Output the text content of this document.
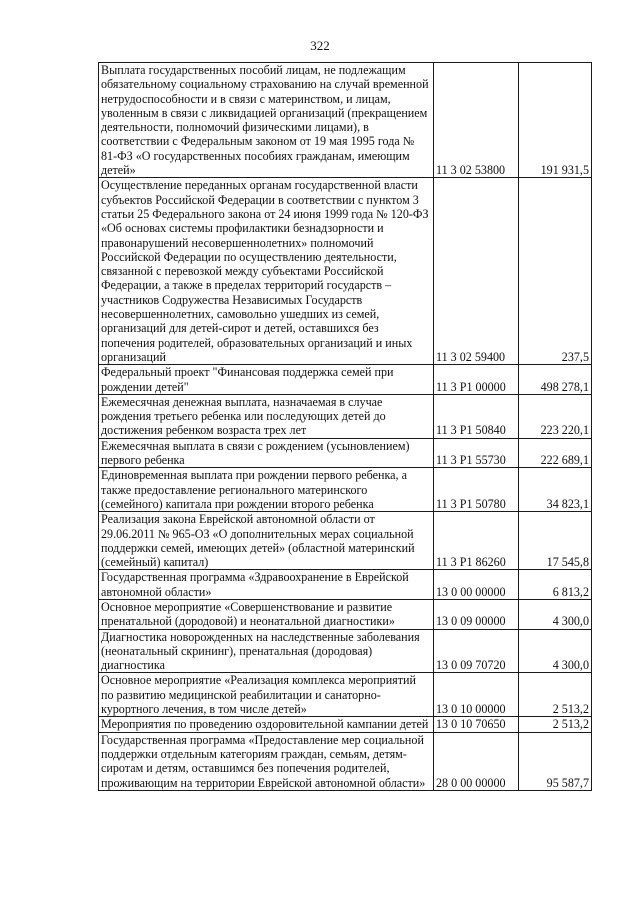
322
Выплата государственных пособий лицам, не подлежащим обязательному социальному страхованию на случай временной нетрудоспособности и в связи с материнством, и лицам, уволенным в связи с ликвидацией организаций (прекращением деятельности, полномочий физическими лицами), в соответствии с Федеральным законом от 19 мая 1995 года № 81-ФЗ «О государственных пособиях гражданам, имеющим детей»	11 3 02 53800	191 931,5
Осуществление переданных органам государственной власти субъектов Российской Федерации в соответствии с пунктом 3 статьи 25 Федерального закона от 24 июня 1999 года № 120-ФЗ «Об основах системы профилактики безнадзорности и правонарушений несовершеннолетних» полномочий Российской Федерации по осуществлению деятельности, связанной с перевозкой между субъектами Российской Федерации, а также в пределах территорий государств – участников Содружества Независимых Государств несовершеннолетних, самовольно ушедших из семей, организаций для детей-сирот и детей, оставшихся без попечения родителей, образовательных организаций и иных организаций	11 3 02 59400	237,5
Федеральный проект "Финансовая поддержка семей при рождении детей"	11 3 P1 00000	498 278,1
Ежемесячная денежная выплата, назначаемая в случае рождения третьего ребенка или последующих детей до достижения ребенком возраста трех лет	11 3 P1 50840	223 220,1
Ежемесячная выплата в связи с рождением (усыновлением) первого ребенка	11 3 P1 55730	222 689,1
Единовременная выплата при рождении первого ребенка, а также предоставление регионального материнского (семейного) капитала при рождении второго ребенка	11 3 P1 50780	34 823,1
Реализация закона Еврейской автономной области от 29.06.2011 № 965-ОЗ «О дополнительных мерах социальной поддержки семей, имеющих детей» (областной материнский (семейный) капитал)	11 3 P1 86260	17 545,8
Государственная программа «Здравоохранение в Еврейской автономной области»	13 0 00 00000	6 813,2
Основное мероприятие «Совершенствование и развитие пренатальной (дородовой) и неонатальной диагностики»	13 0 09 00000	4 300,0
Диагностика новорожденных на наследственные заболевания (неонатальный скрининг), пренатальная (дородовая) диагностика	13 0 09 70720	4 300,0
Основное мероприятие «Реализация комплекса мероприятий по развитию медицинской реабилитации и санаторно-курортного лечения, в том числе детей»	13 0 10 00000	2 513,2
Мероприятия по проведению оздоровительной кампании детей	13 0 10 70650	2 513,2
Государственная программа «Предоставление мер социальной поддержки отдельным категориям граждан, семьям, детям-сиротам и детям, оставшимся без попечения родителей, проживающим на территории Еврейской автономной области»	28 0 00 00000	95 587,7
